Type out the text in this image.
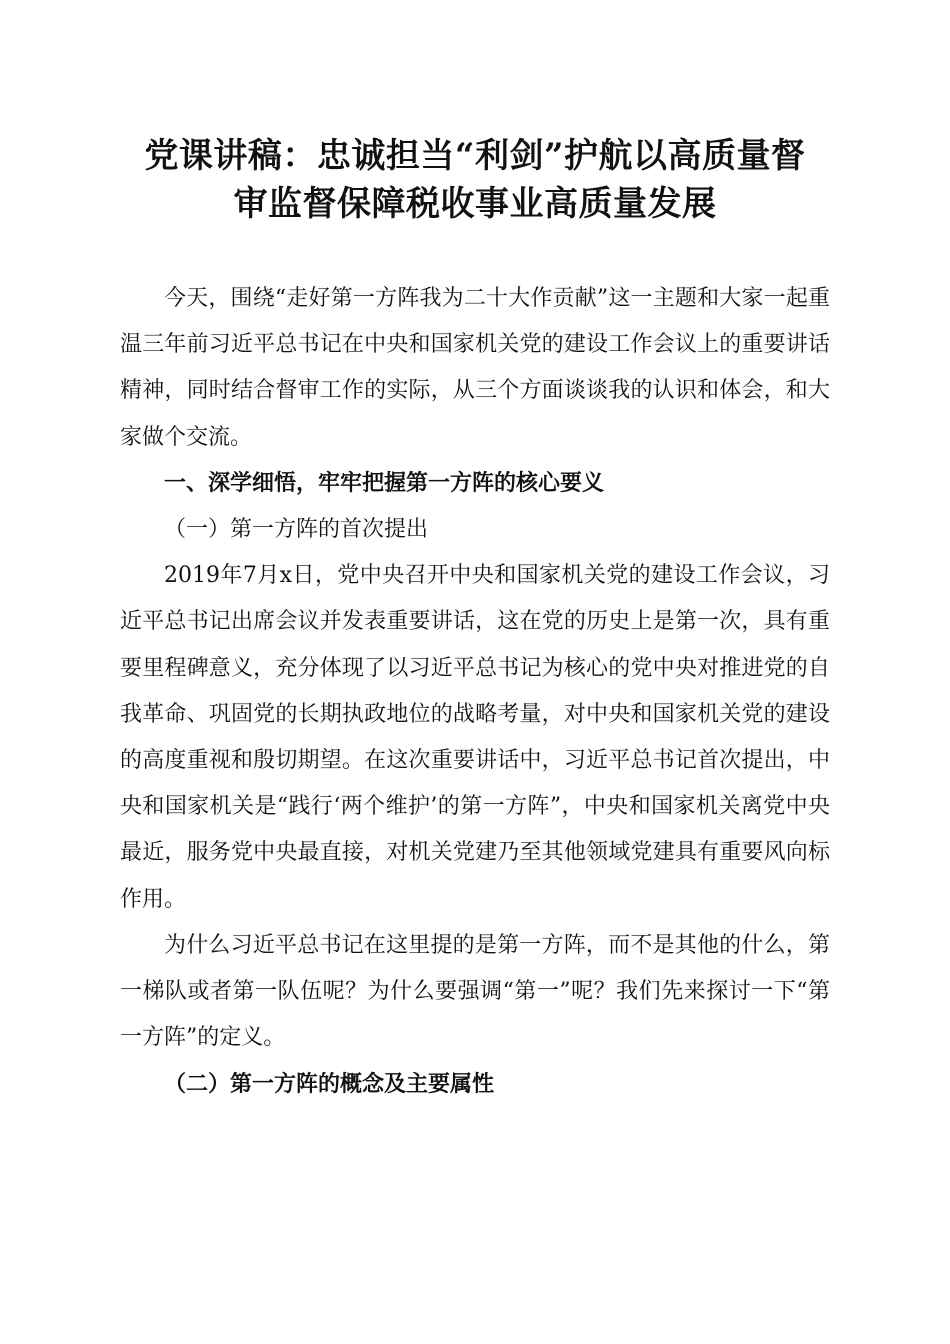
党课讲稿：忠诚担当“利剑”护航以高质量督
审监督保障税收事业高质量发展

今天，围绕“走好第一方阵我为二十大作贡献”这一主题和大家一起重温三年前习近平总书记在中央和国家机关党的建设工作会议上的重要讲话精神，同时结合督审工作的实际，从三个方面谈谈我的认识和体会，和大家做个交流。

一、深学细悟，牢牢把握第一方阵的核心要义

（一）第一方阵的首次提出

2019年7月x日，党中央召开中央和国家机关党的建设工作会议，习近平总书记出席会议并发表重要讲话，这在党的历史上是第一次，具有重要里程碑意义，充分体现了以习近平总书记为核心的党中央对推进党的自我革命、巩固党的长期执政地位的战略考量，对中央和国家机关党的建设的高度重视和殷切期望。在这次重要讲话中，习近平总书记首次提出，中央和国家机关是“践行‘两个维护’的第一方阵”，中央和国家机关离党中央最近，服务党中央最直接，对机关党建乃至其他领域党建具有重要风向标作用。

为什么习近平总书记在这里提的是第一方阵，而不是其他的什么，第一梯队或者第一队伍呢？为什么要强调“第一”呢？我们先来探讨一下“第一方阵”的定义。

（二）第一方阵的概念及主要属性
